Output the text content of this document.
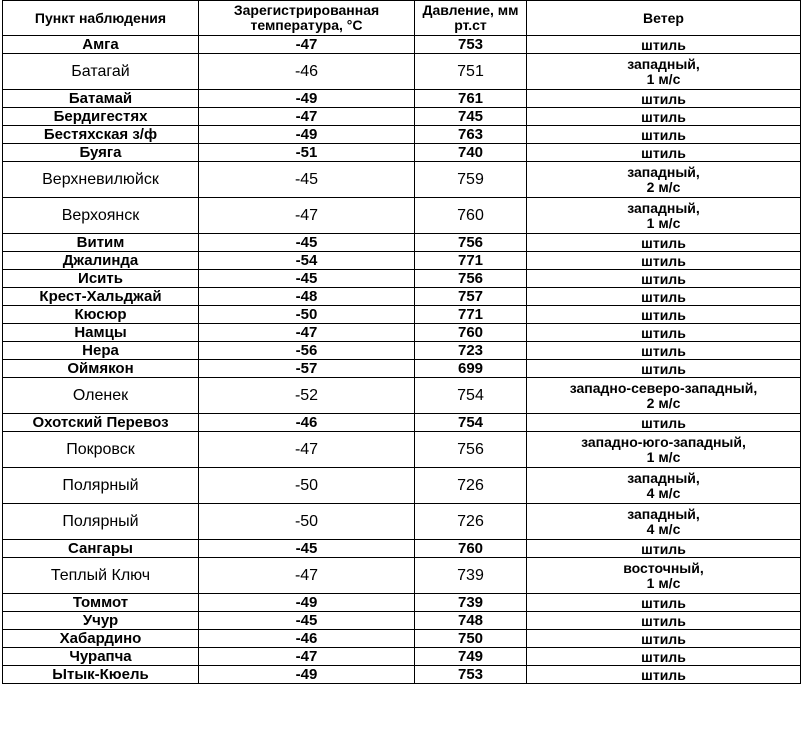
Пункт наблюдения	Зарегистрированная температура, °С	Давление, мм рт.ст	Ветер
Амга	-47	753	штиль

Батагай	-46	751	западный,
1 м/с

Батамай	-49	761	штиль

Бердигестях	-47	745	штиль

Бестяхская з/ф	-49	763	штиль

Буяга	-51	740	штиль

Верхневилюйск	-45	759	западный,
2 м/с

Верхоянск	-47	760	западный,
1 м/с

Витим	-45	756	штиль

Джалинда	-54	771	штиль

Исить	-45	756	штиль

Крест-Хальджай	-48	757	штиль

Кюсюр	-50	771	штиль

Намцы	-47	760	штиль

Нера	-56	723	штиль

Оймякон	-57	699	штиль

Оленек	-52	754	западно-северо-западный,
2 м/с

Охотский Перевоз	-46	754	штиль

Покровск	-47	756	западно-юго-западный,
1 м/с

Полярный	-50	726	западный,
4 м/с

Полярный	-50	726	западный,
4 м/с

Сангары	-45	760	штиль

Теплый Ключ	-47	739	восточный,
1 м/с

Томмот	-49	739	штиль

Учур	-45	748	штиль

Хабардино	-46	750	штиль

Чурапча	-47	749	штиль

Ытык-Кюель	-49	753	штиль
